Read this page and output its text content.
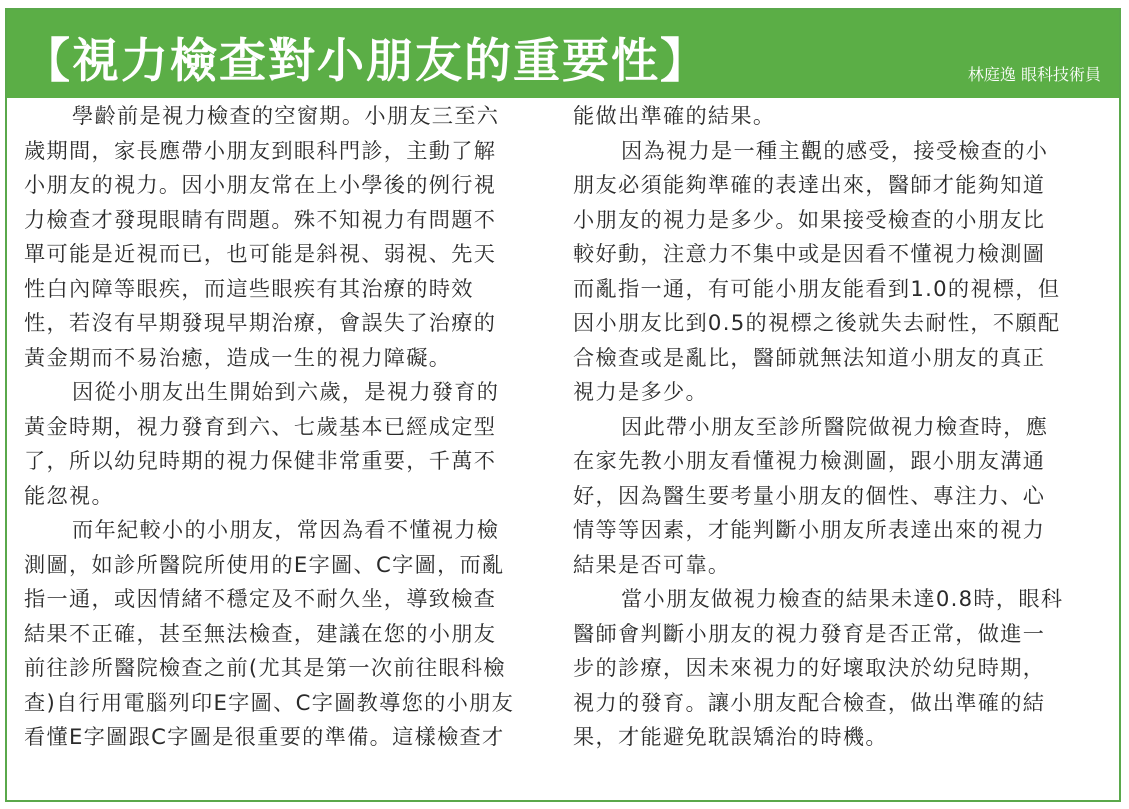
【視力檢查對小朋友的重要性】	林庭逸 眼科技術員
學齡前是視力檢查的空窗期。小朋友三至六
歲期間，家長應帶小朋友到眼科門診，主動了解
小朋友的視力。因小朋友常在上小學後的例行視
力檢查才發現眼睛有問題。殊不知視力有問題不
單可能是近視而已，也可能是斜視、弱視、先天
性白內障等眼疾，而這些眼疾有其治療的時效
性，若沒有早期發現早期治療，會誤失了治療的
黃金期而不易治癒，造成一生的視力障礙。
因從小朋友出生開始到六歲，是視力發育的
黃金時期，視力發育到六、七歲基本已經成定型
了，所以幼兒時期的視力保健非常重要，千萬不
能忽視。
而年紀較小的小朋友，常因為看不懂視力檢
測圖，如診所醫院所使用的E字圖、C字圖，而亂
指一通，或因情緒不穩定及不耐久坐，導致檢查
結果不正確，甚至無法檢查，建議在您的小朋友
前往診所醫院檢查之前(尤其是第一次前往眼科檢
查)自行用電腦列印E字圖、C字圖教導您的小朋友
看懂E字圖跟C字圖是很重要的準備。這樣檢查才
能做出準確的結果。
因為視力是一種主觀的感受，接受檢查的小
朋友必須能夠準確的表達出來，醫師才能夠知道
小朋友的視力是多少。如果接受檢查的小朋友比
較好動，注意力不集中或是因看不懂視力檢測圖
而亂指一通，有可能小朋友能看到1.0的視標，但
因小朋友比到0.5的視標之後就失去耐性，不願配
合檢查或是亂比，醫師就無法知道小朋友的真正
視力是多少。
因此帶小朋友至診所醫院做視力檢查時，應
在家先教小朋友看懂視力檢測圖，跟小朋友溝通
好，因為醫生要考量小朋友的個性、專注力、心
情等等因素，才能判斷小朋友所表達出來的視力
結果是否可靠。
當小朋友做視力檢查的結果未達0.8時，眼科
醫師會判斷小朋友的視力發育是否正常，做進一
步的診療，因未來視力的好壞取決於幼兒時期，
視力的發育。讓小朋友配合檢查，做出準確的結
果，才能避免耽誤矯治的時機。
